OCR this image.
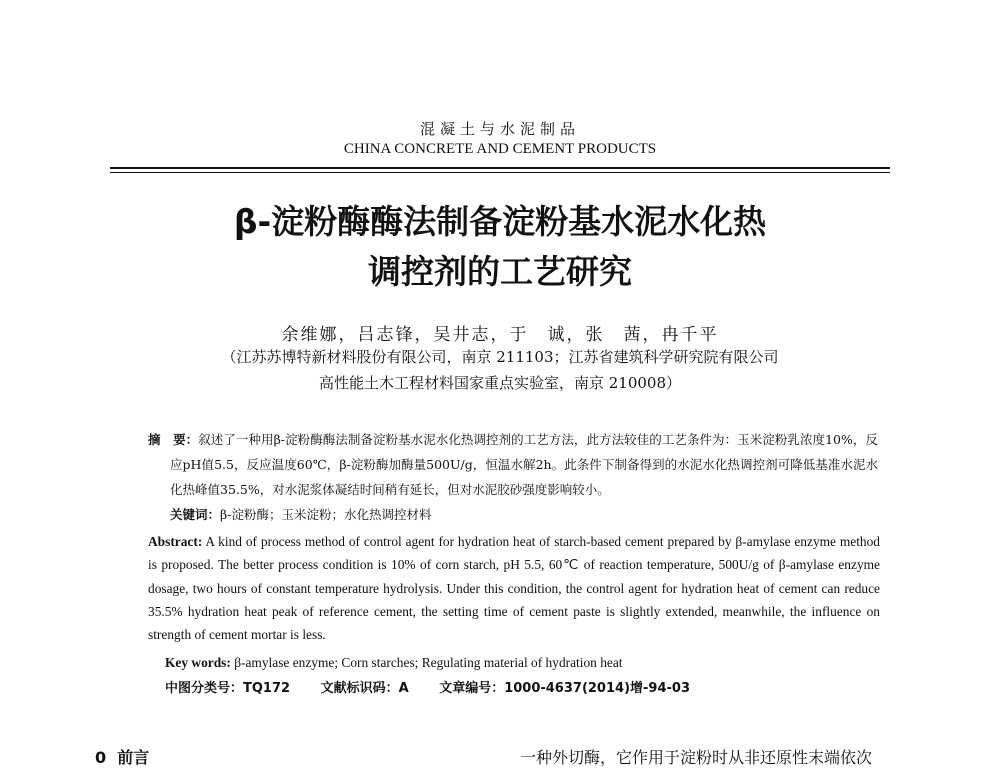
混凝土与水泥制品
CHINA CONCRETE AND CEMENT PRODUCTS
β-淀粉酶酶法制备淀粉基水泥水化热
调控剂的工艺研究
余维娜，吕志锋，吴井志，于　诚，张　茜，冉千平
（江苏苏博特新材料股份有限公司，南京 211103；江苏省建筑科学研究院有限公司
高性能土木工程材料国家重点实验室，南京 210008）
摘　要：叙述了一种用β-淀粉酶酶法制备淀粉基水泥水化热调控剂的工艺方法，此方法较佳的工艺条件为：玉米淀粉乳浓度10%，反应pH值5.5，反应温度60℃，β-淀粉酶加酶量500U/g，恒温水解2h。此条件下制备得到的水泥水化热调控剂可降低基准水泥水化热峰值35.5%，对水泥浆体凝结时间稍有延长，但对水泥胶砂强度影响较小。
关键词：β-淀粉酶；玉米淀粉；水化热调控材料
Abstract: A kind of process method of control agent for hydration heat of starch-based cement prepared by β-amylase enzyme method is proposed. The better process condition is 10% of corn starch, pH 5.5, 60℃ of reaction temperature, 500U/g of β-amylase enzyme dosage, two hours of constant temperature hydrolysis. Under this condition, the control agent for hydration heat of cement can reduce 35.5% hydration heat peak of reference cement, the setting time of cement paste is slightly extended, meanwhile, the influence on strength of cement mortar is less.
Key words: β-amylase enzyme; Corn starches; Regulating material of hydration heat
中图分类号：TQ172 文献标识码：A 文章编号：1000-4637(2014)增-94-03
0 前言	一种外切酶，它作用于淀粉时从非还原性末端依次
